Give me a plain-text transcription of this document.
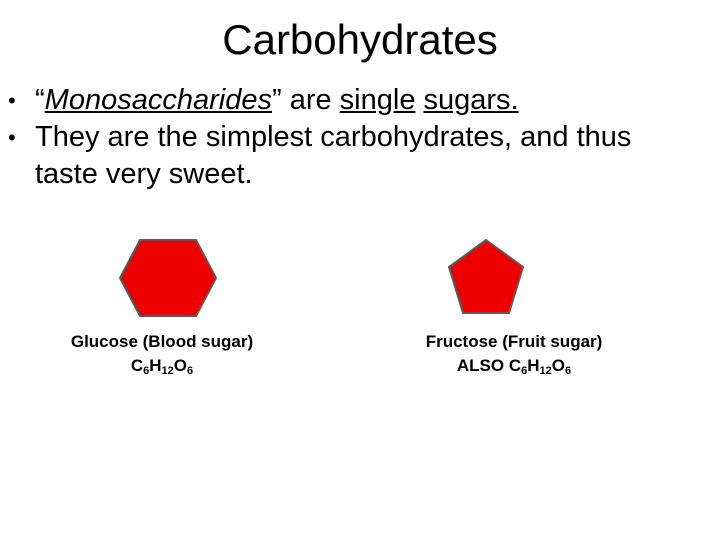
Carbohydrates
• “Monosaccharides” are single sugars.
• They are the simplest carbohydrates, and thus
taste very sweet.
Glucose (Blood sugar)
$C_6H_{12}O_6$
Fructose (Fruit sugar)
ALSO $C_6H_{12}O_6$
